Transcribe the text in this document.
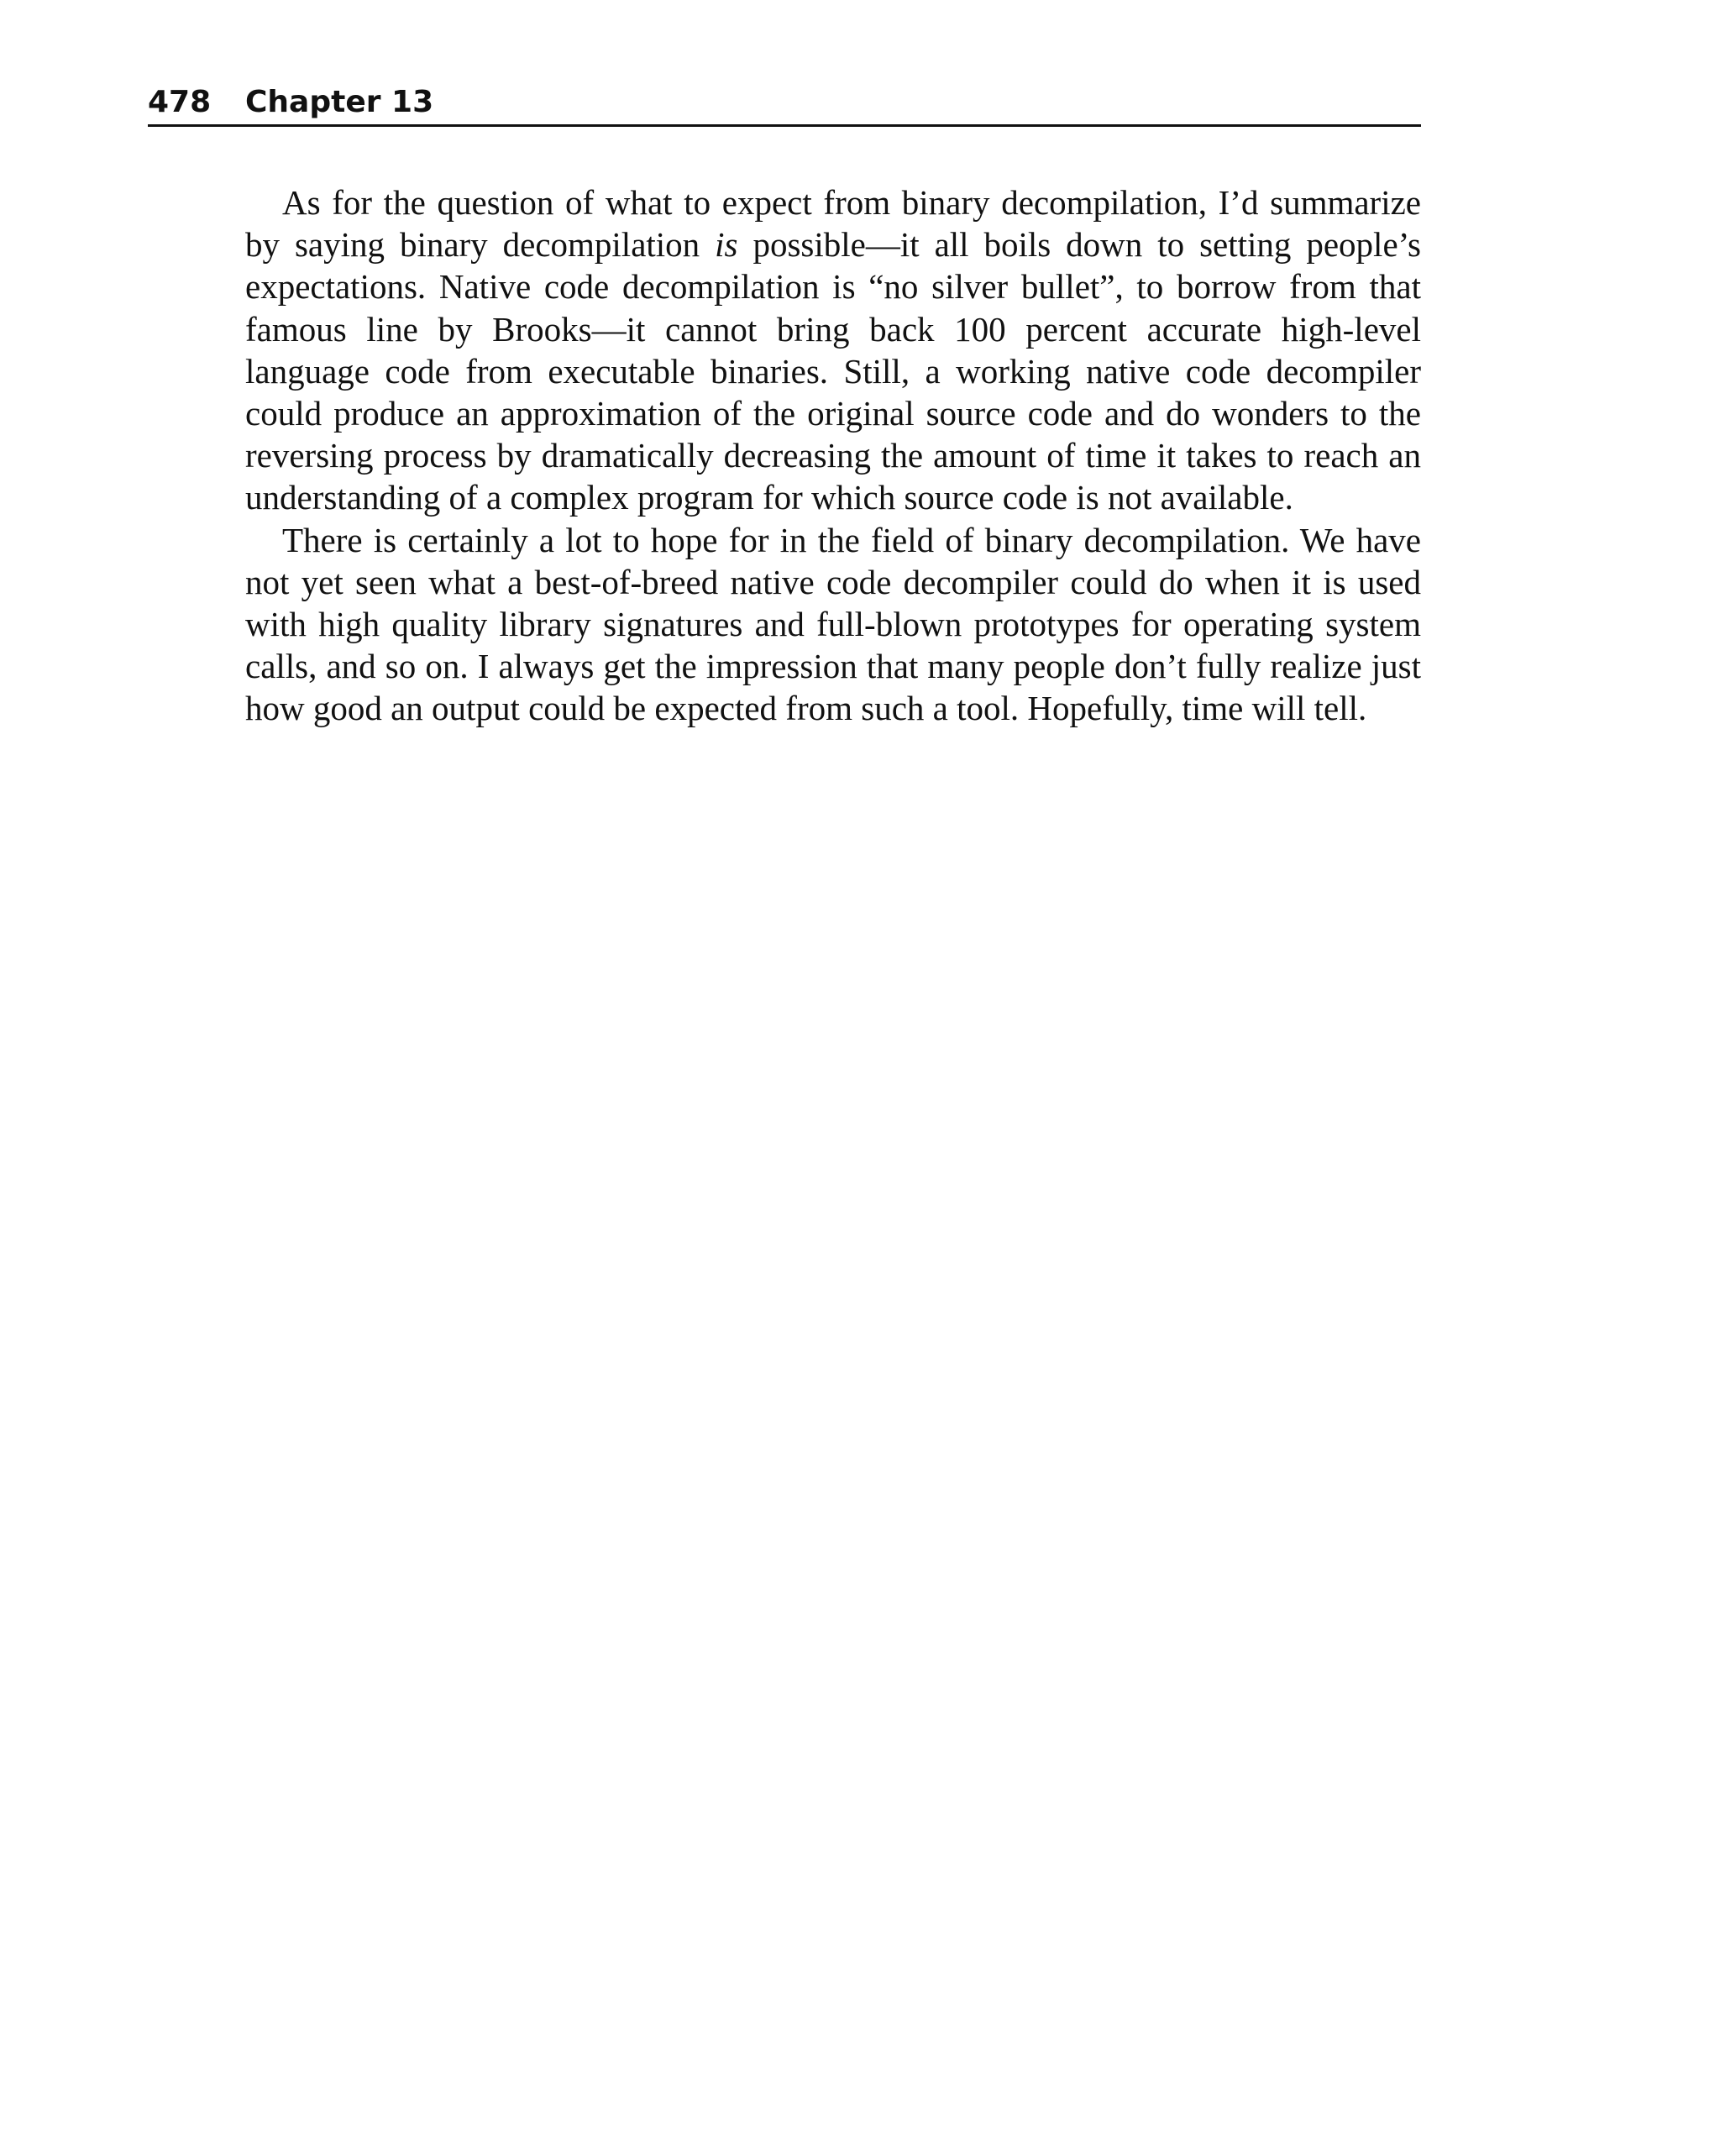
478 Chapter 13

As for the question of what to expect from binary decompilation, I’d summarize by saying binary decompilation is possible—it all boils down to setting people’s expectations. Native code decompilation is “no silver bullet”, to borrow from that famous line by Brooks—it cannot bring back 100 percent accurate high-level language code from executable binaries. Still, a working native code decompiler could produce an approximation of the original source code and do wonders to the reversing process by dramatically decreasing the amount of time it takes to reach an understanding of a complex program for which source code is not available.

There is certainly a lot to hope for in the field of binary decompilation. We have not yet seen what a best-of-breed native code decompiler could do when it is used with high quality library signatures and full-blown prototypes for operating system calls, and so on. I always get the impression that many people don’t fully realize just how good an output could be expected from such a tool. Hopefully, time will tell.
